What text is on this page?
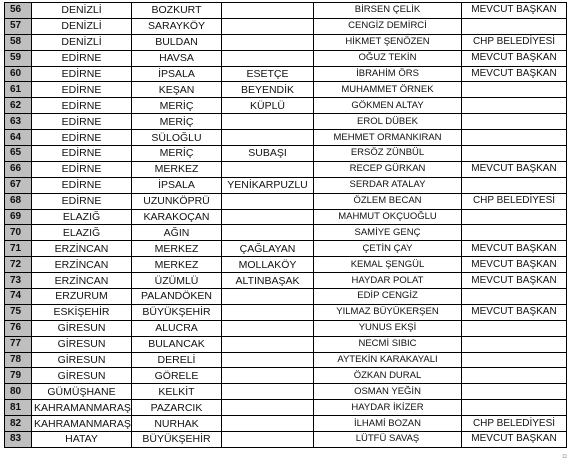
56	DENİZLİ	BOZKURT		BİRSEN ÇELİK	MEVCUT BAŞKAN
57	DENİZLİ	SARAYKÖY		CENGİZ DEMİRCİ	
58	DENİZLİ	BULDAN		HİKMET ŞENÖZEN	CHP BELEDİYESİ
59	EDİRNE	HAVSA		OĞUZ TEKİN	MEVCUT BAŞKAN
60	EDİRNE	İPSALA	ESETÇE	İBRAHİM ÖRS	MEVCUT BAŞKAN
61	EDİRNE	KEŞAN	BEYENDİK	MUHAMMET ÖRNEK	
62	EDİRNE	MERİÇ	KÜPLÜ	GÖKMEN ALTAY	
63	EDİRNE	MERİÇ		EROL DÜBEK	
64	EDİRNE	SÜLOĞLU		MEHMET ORMANKIRAN	
65	EDİRNE	MERİÇ	SUBAŞI	ERSÖZ ZÜNBÜL	
66	EDİRNE	MERKEZ		RECEP GÜRKAN	MEVCUT BAŞKAN
67	EDİRNE	İPSALA	YENİKARPUZLU	SERDAR ATALAY	
68	EDİRNE	UZUNKÖPRÜ		ÖZLEM BECAN	CHP BELEDİYESİ
69	ELAZIĞ	KARAKOÇAN		MAHMUT OKÇUOĞLU	
70	ELAZIĞ	AĞIN		SAMİYE GENÇ	
71	ERZİNCAN	MERKEZ	ÇAĞLAYAN	ÇETİN ÇAY	MEVCUT BAŞKAN
72	ERZİNCAN	MERKEZ	MOLLAKÖY	KEMAL ŞENGÜL	MEVCUT BAŞKAN
73	ERZİNCAN	ÜZÜMLÜ	ALTINBAŞAK	HAYDAR POLAT	MEVCUT BAŞKAN
74	ERZURUM	PALANDÖKEN		EDİP CENGİZ	
75	ESKİŞEHİR	BÜYÜKŞEHİR		YILMAZ BÜYÜKERŞEN	MEVCUT BAŞKAN
76	GİRESUN	ALUCRA		YUNUS EKŞİ	
77	GİRESUN	BULANCAK		NECMİ SIBIC	
78	GİRESUN	DERELİ		AYTEKİN KARAKAYALI	
79	GİRESUN	GÖRELE		ÖZKAN DURAL	
80	GÜMÜŞHANE	KELKİT		OSMAN YEĞİN	
81	KAHRAMANMARAŞ	PAZARCIK		HAYDAR İKİZER	
82	KAHRAMANMARAŞ	NURHAK		İLHAMİ BOZAN	CHP BELEDİYESİ
83	HATAY	BÜYÜKŞEHİR		LÜTFÜ SAVAŞ	MEVCUT BAŞKAN
▫
